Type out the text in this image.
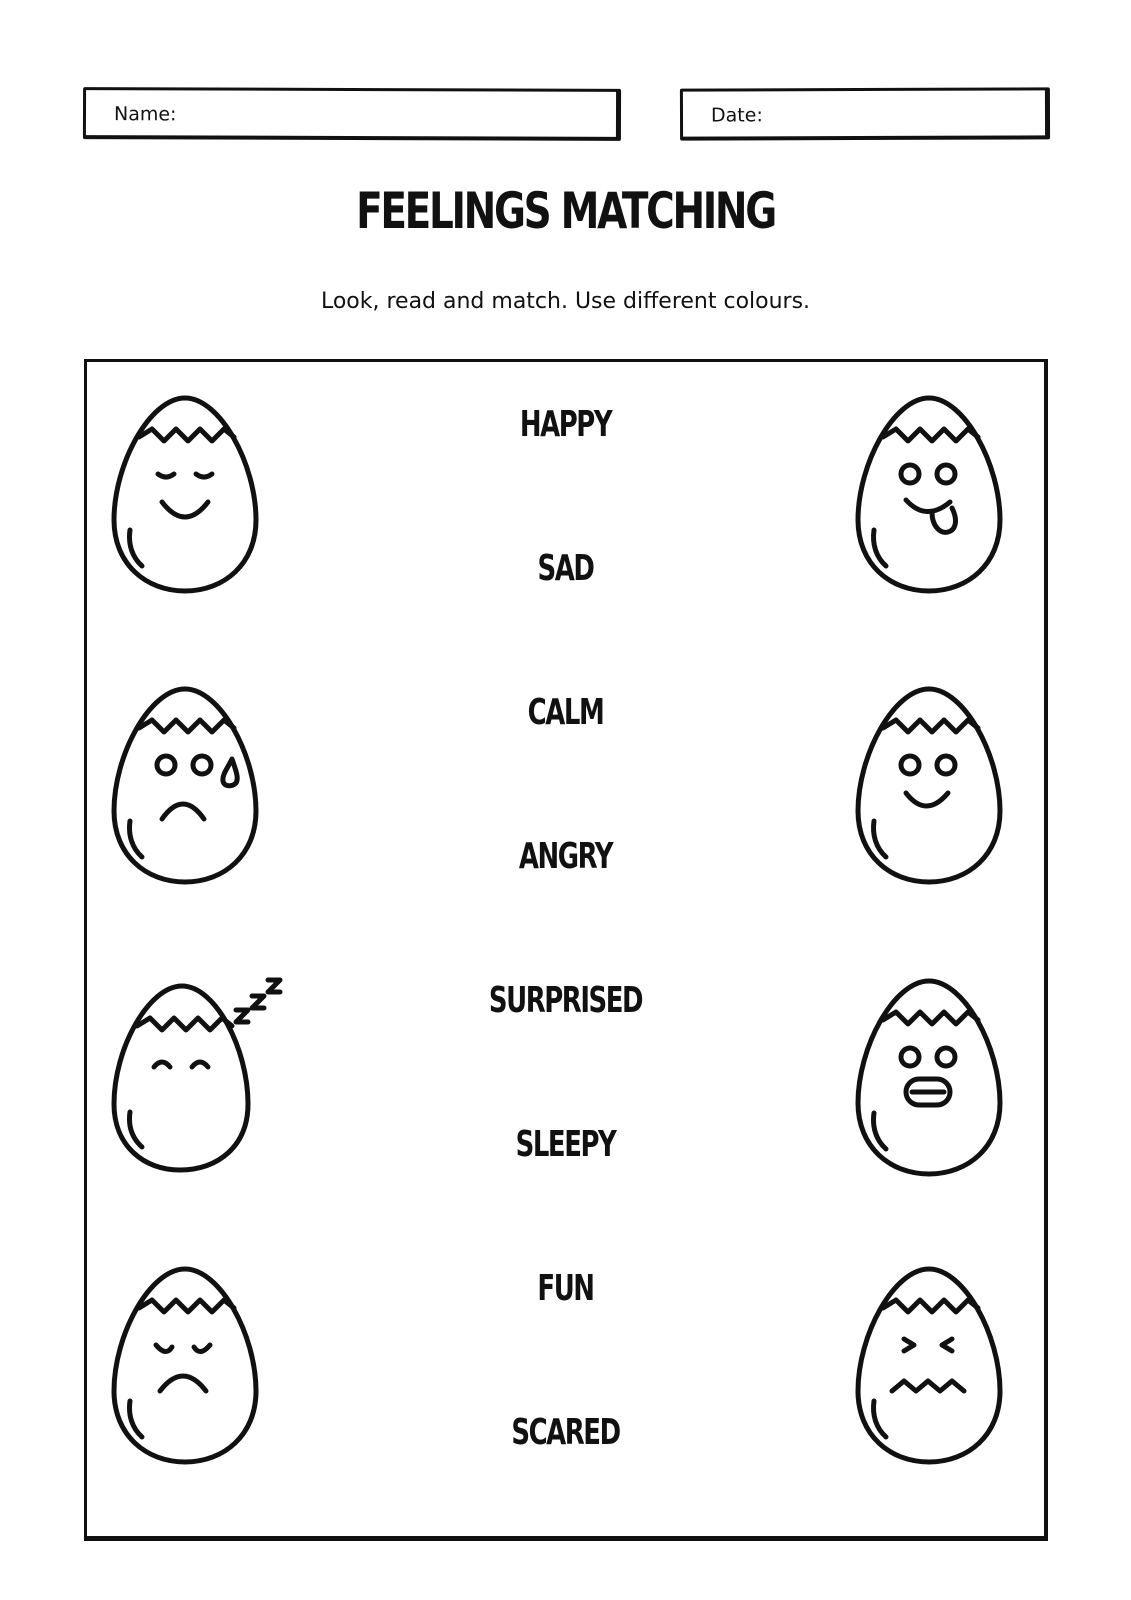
Name:	Date:
FEELINGS MATCHING
Look, read and match. Use different colours.
HAPPY
SAD
CALM
ANGRY
SURPRISED
SLEEPY
FUN
SCARED
